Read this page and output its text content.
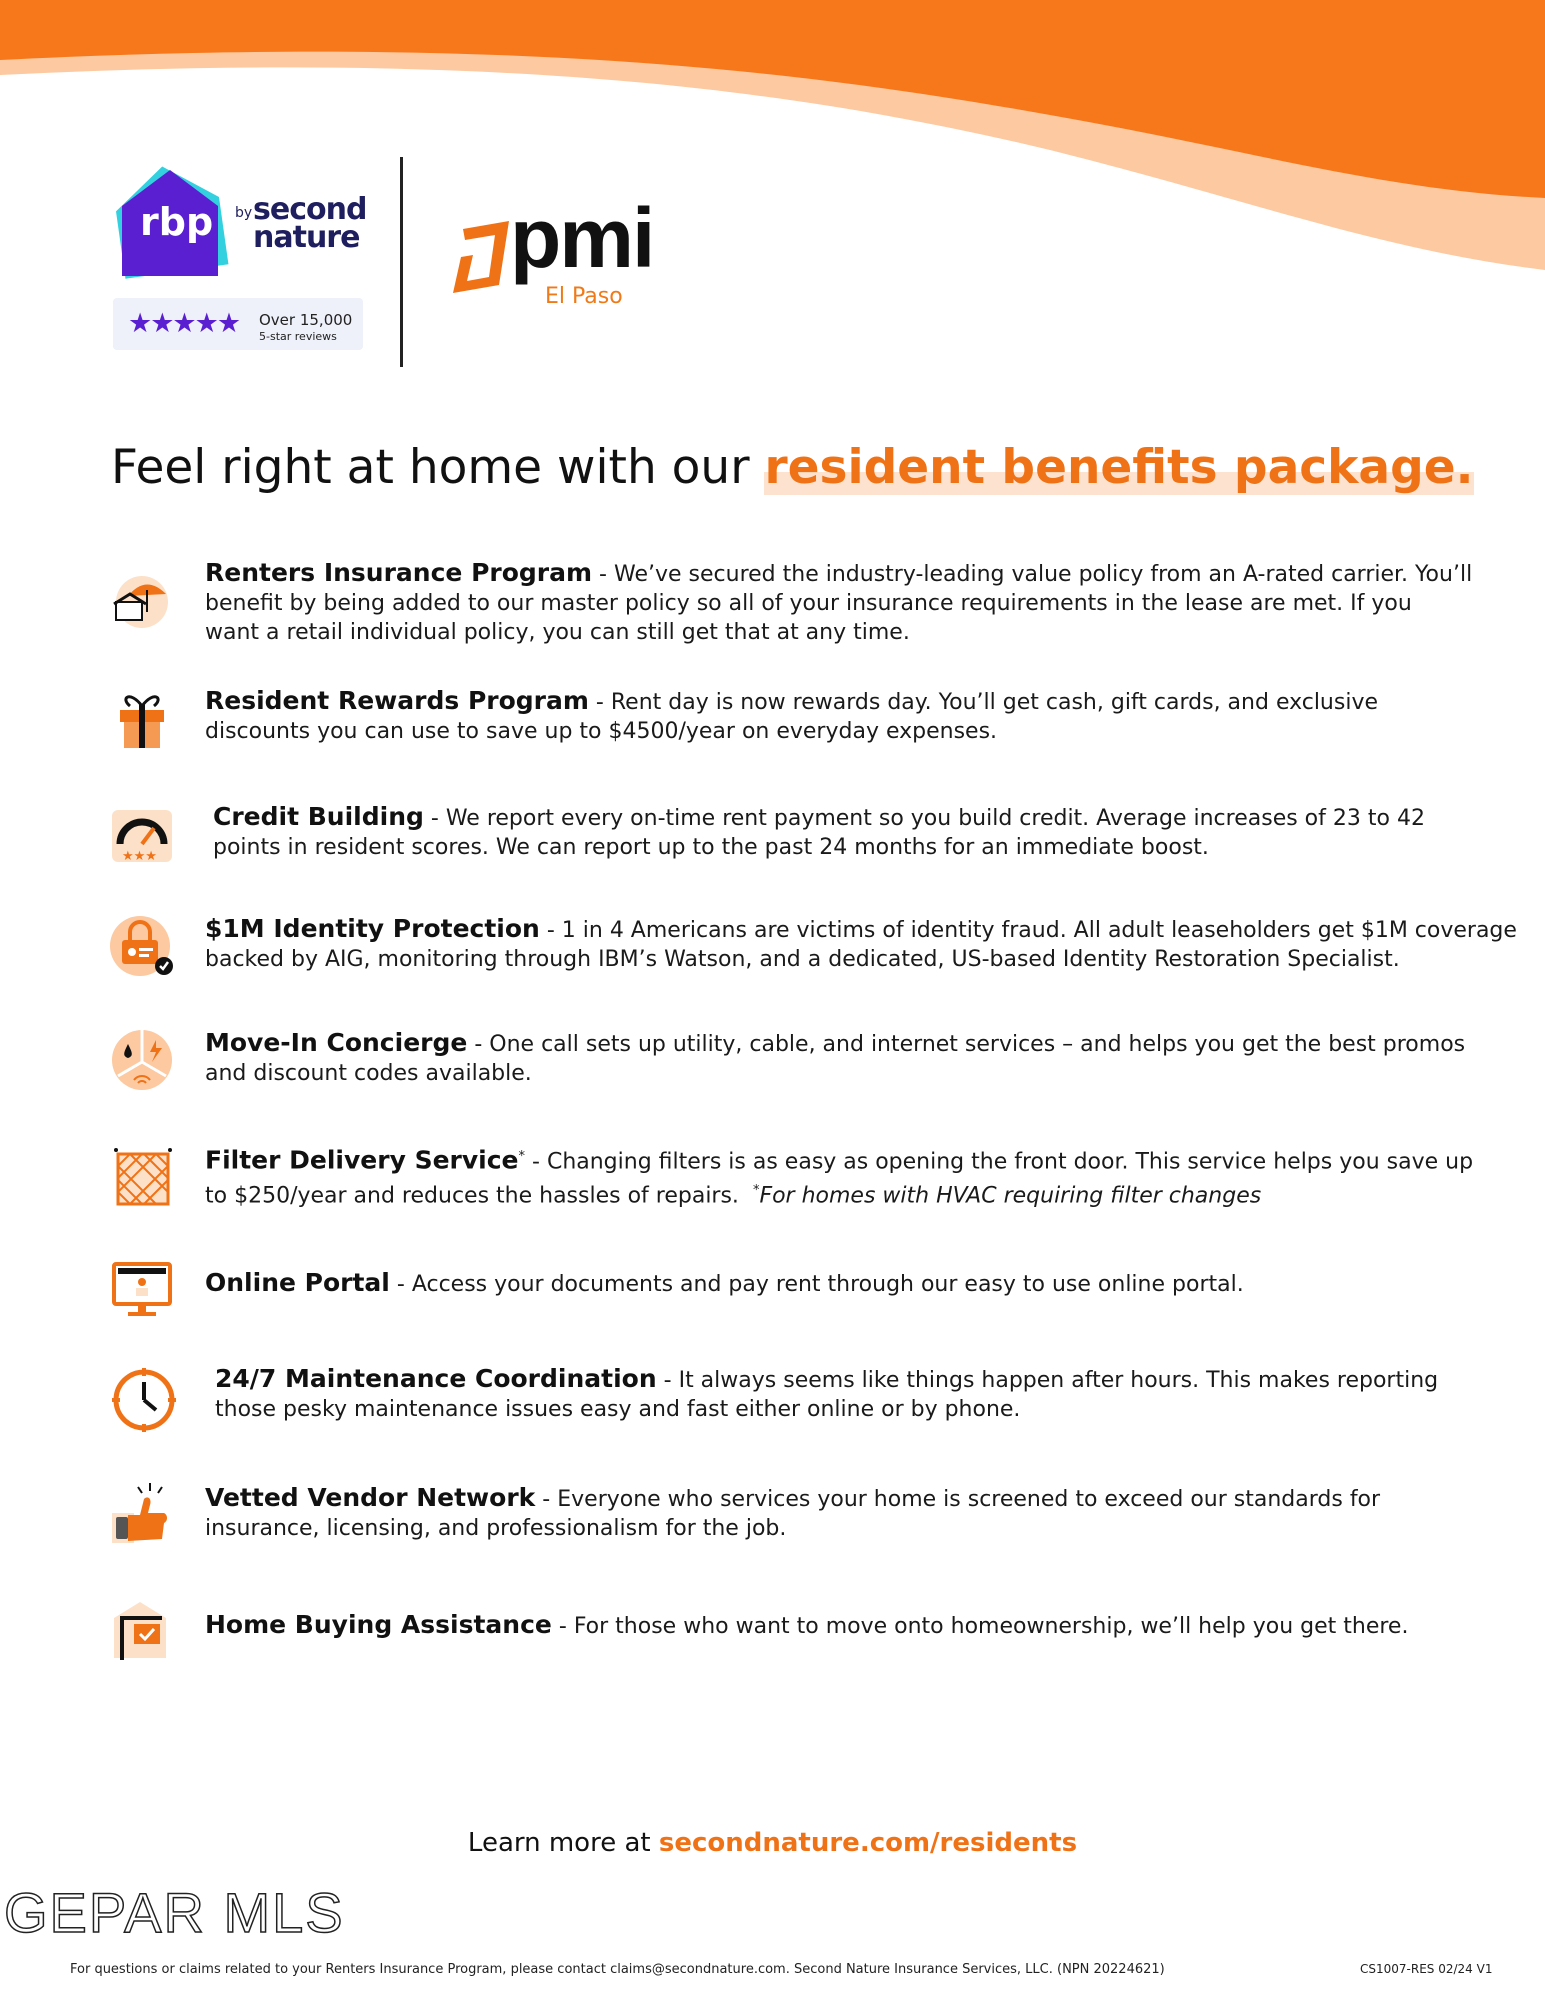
rbp by second nature
★★★★★ Over 15,000
5-star reviews
pmi
El Paso
Feel right at home with our resident benefits package.
Renters Insurance Program - We’ve secured the industry-leading value policy from an A-rated carrier. You’ll
benefit by being added to our master policy so all of your insurance requirements in the lease are met. If you
want a retail individual policy, you can still get that at any time.
Resident Rewards Program - Rent day is now rewards day. You’ll get cash, gift cards, and exclusive
discounts you can use to save up to $4500/year on everyday expenses.
★★★
Credit Building - We report every on-time rent payment so you build credit. Average increases of 23 to 42
points in resident scores. We can report up to the past 24 months for an immediate boost.
$1M Identity Protection - 1 in 4 Americans are victims of identity fraud. All adult leaseholders get $1M coverage
backed by AIG, monitoring through IBM’s Watson, and a dedicated, US-based Identity Restoration Specialist.
Move-In Concierge - One call sets up utility, cable, and internet services – and helps you get the best promos
and discount codes available.
Filter Delivery Service* - Changing filters is as easy as opening the front door. This service helps you save up
to $250/year and reduces the hassles of repairs. *For homes with HVAC requiring filter changes
Online Portal - Access your documents and pay rent through our easy to use online portal.
24/7 Maintenance Coordination - It always seems like things happen after hours. This makes reporting
those pesky maintenance issues easy and fast either online or by phone.
Vetted Vendor Network - Everyone who services your home is screened to exceed our standards for
insurance, licensing, and professionalism for the job.
Home Buying Assistance - For those who want to move onto homeownership, we’ll help you get there.
Learn more at secondnature.com/residents
GEPAR MLS
For questions or claims related to your Renters Insurance Program, please contact claims@secondnature.com. Second Nature Insurance Services, LLC. (NPN 20224621)	CS1007-RES 02/24 V1
